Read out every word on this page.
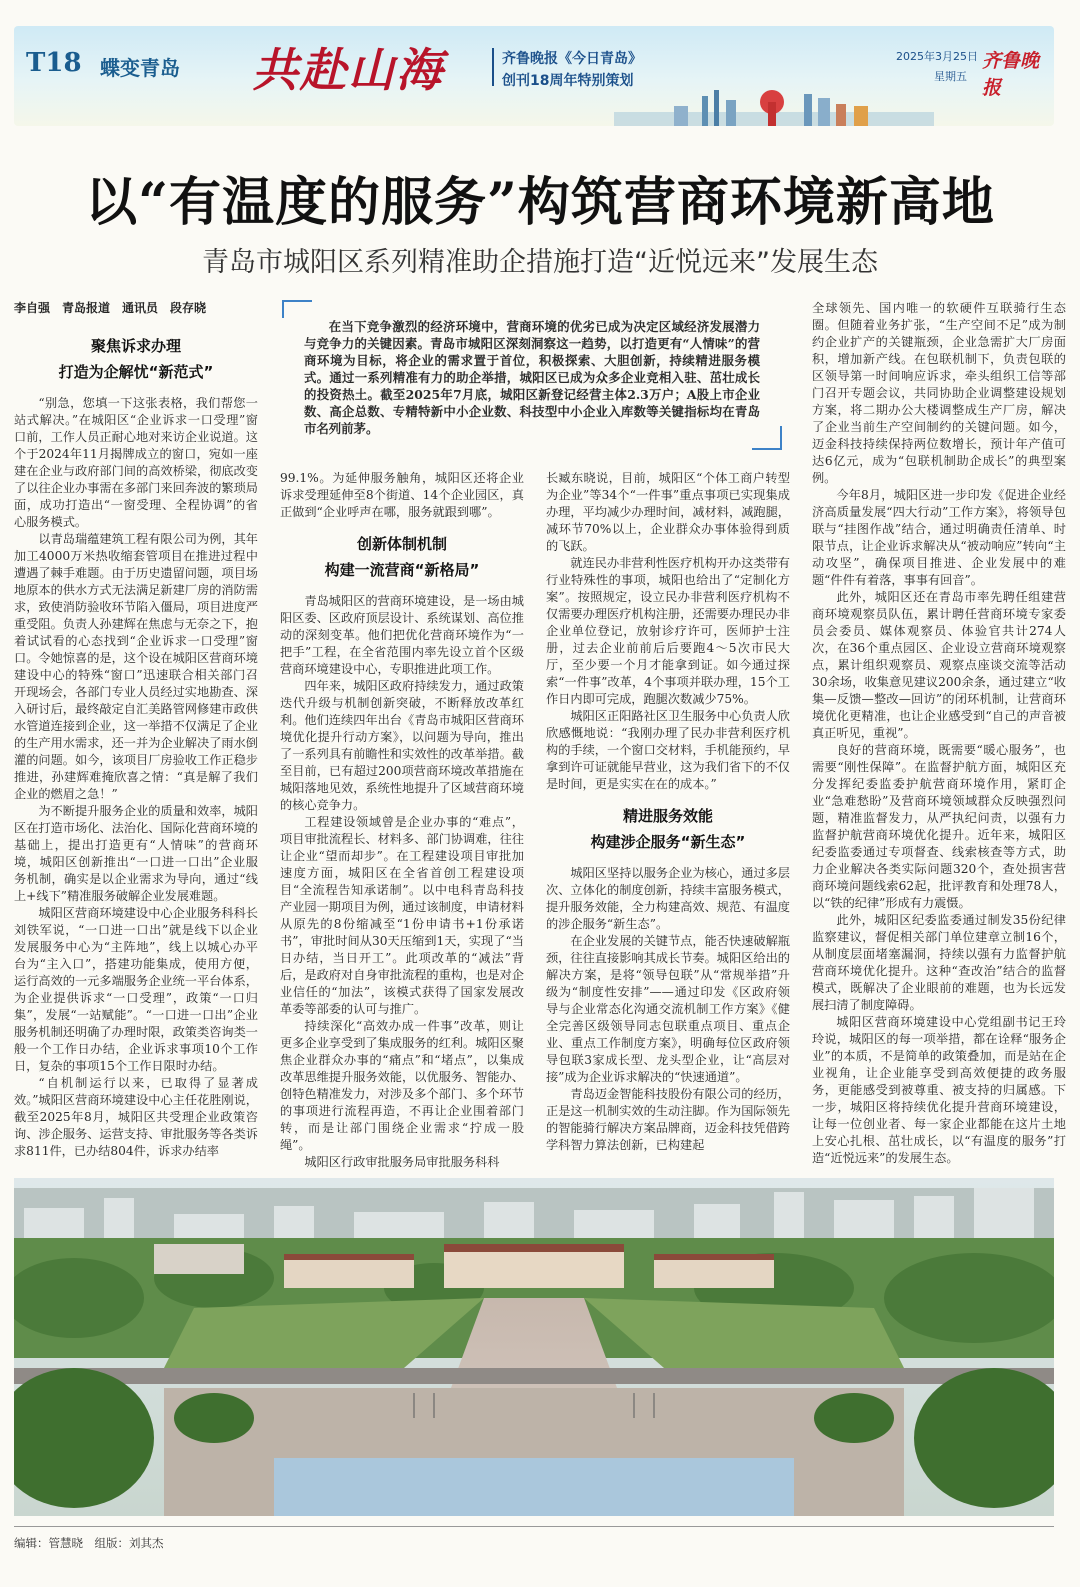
T18 蝶变青岛 共赴山海	齐鲁晚报《今日青岛》
创刊18周年特别策划
2025年3月25日
星期五
齐鲁晚报
以“有温度的服务”构筑营商环境新高地
青岛市城阳区系列精准助企措施打造“近悦远来”发展生态
李自强　青岛报道　通讯员　段存晓
聚焦诉求办理
打造为企解忧“新范式”

“别急，您填一下这张表格，我们帮您一站式解决。”在城阳区“企业诉求一口受理”窗口前，工作人员正耐心地对来访企业说道。这个于2024年11月揭牌成立的窗口，宛如一座建在企业与政府部门间的高效桥梁，彻底改变了以往企业办事需在多部门来回奔波的繁琐局面，成功打造出“一窗受理、全程协调”的省心服务模式。

以青岛瑞蕴建筑工程有限公司为例，其年加工4000万米热收缩套管项目在推进过程中遭遇了棘手难题。由于历史遗留问题，项目场地原本的供水方式无法满足新建厂房的消防需求，致使消防验收环节陷入僵局，项目进度严重受阻。负责人孙建辉在焦虑与无奈之下，抱着试试看的心态找到“企业诉求一口受理”窗口。令她惊喜的是，这个设在城阳区营商环境建设中心的特殊“窗口”迅速联合相关部门召开现场会，各部门专业人员经过实地勘查、深入研讨后，最终敲定自汇美路管网修建市政供水管道连接到企业，这一举措不仅满足了企业的生产用水需求，还一并为企业解决了雨水倒灌的问题。如今，该项目厂房验收工作正稳步推进，孙建辉难掩欣喜之情：“真是解了我们企业的燃眉之急！”

为不断提升服务企业的质量和效率，城阳区在打造市场化、法治化、国际化营商环境的基础上，提出打造更有“人情味”的营商环境，城阳区创新推出“一口进一口出”企业服务机制，确实是以企业需求为导向，通过“线上+线下”精准服务破解企业发展难题。

城阳区营商环境建设中心企业服务科科长刘铁军说，“一口进一口出”就是线下以企业发展服务中心为“主阵地”，线上以城心办平台为“主入口”，搭建功能集成，使用方便，运行高效的一元多端服务企业统一平台体系，为企业提供诉求“一口受理”，政策“一口归集”，发展“一站赋能”。“一口进一口出”企业服务机制还明确了办理时限，政策类咨询类一般一个工作日办结，企业诉求事项10个工作日，复杂的事项15个工作日限时办结。

“自机制运行以来，已取得了显著成效。”城阳区营商环境建设中心主任花胜刚说，截至2025年8月，城阳区共受理企业政策咨询、涉企服务、运营支持、审批服务等各类诉求811件，已办结804件，诉求办结率

在当下竞争激烈的经济环境中，营商环境的优劣已成为决定区域经济发展潜力与竞争力的关键因素。青岛市城阳区深刻洞察这一趋势，以打造更有“人情味”的营商环境为目标，将企业的需求置于首位，积极探索、大胆创新，持续精进服务模式。通过一系列精准有力的助企举措，城阳区已成为众多企业竞相入驻、茁壮成长的投资热土。截至2025年7月底，城阳区新登记经营主体2.3万户；A股上市企业数、高企总数、专精特新中小企业数、科技型中小企业入库数等关键指标均在青岛市名列前茅。

99.1%。为延伸服务触角，城阳区还将企业诉求受理延伸至8个街道、14个企业园区，真正做到“企业呼声在哪，服务就跟到哪”。

创新体制机制
构建一流营商“新格局”

青岛城阳区的营商环境建设，是一场由城阳区委、区政府顶层设计、系统谋划、高位推动的深刻变革。他们把优化营商环境作为“一把手”工程，在全省范围内率先设立首个区级营商环境建设中心，专职推进此项工作。

四年来，城阳区政府持续发力，通过政策迭代升级与机制创新突破，不断释放改革红利。他们连续四年出台《青岛市城阳区营商环境优化提升行动方案》，以问题为导向，推出了一系列具有前瞻性和实效性的改革举措。截至目前，已有超过200项营商环境改革措施在城阳落地见效，系统性地提升了区域营商环境的核心竞争力。

工程建设领域曾是企业办事的“难点”，项目审批流程长、材料多、部门协调难，往往让企业“望而却步”。在工程建设项目审批加速度方面，城阳区在全省首创工程建设项目“全流程告知承诺制”。以中电科青岛科技产业园一期项目为例，通过该制度，申请材料从原先的8份缩减至“1份申请书+1份承诺书”，审批时间从30天压缩到1天，实现了“当日办结，当日开工”。此项改革的“减法”背后，是政府对自身审批流程的重构，也是对企业信任的“加法”，该模式获得了国家发展改革委等部委的认可与推广。

持续深化“高效办成一件事”改革，则让更多企业享受到了集成服务的红利。城阳区聚焦企业群众办事的“痛点”和“堵点”，以集成改革思维提升服务效能，以优服务、智能办、创特色精准发力，对涉及多个部门、多个环节的事项进行流程再造，不再让企业围着部门转，而是让部门围绕企业需求“拧成一股绳”。

城阳区行政审批服务局审批服务科科

长臧东晓说，目前，城阳区“个体工商户转型为企业”等34个“一件事”重点事项已实现集成办理，平均减少办理时间，减材料，减跑腿，减环节70%以上，企业群众办事体验得到质的飞跃。

就连民办非营利性医疗机构开办这类带有行业特殊性的事项，城阳也给出了“定制化方案”。按照规定，设立民办非营利医疗机构不仅需要办理医疗机构注册，还需要办理民办非企业单位登记，放射诊疗许可，医师护士注册，过去企业前前后后要跑4～5次市民大厅，至少要一个月才能拿到证。如今通过探索“一件事”改革，4个事项并联办理，15个工作日内即可完成，跑腿次数减少75%。

城阳区正阳路社区卫生服务中心负责人欣欣感慨地说：“我刚办理了民办非营利医疗机构的手续，一个窗口交材料，手机能预约，早拿到许可证就能早营业，这为我们省下的不仅是时间，更是实实在在的成本。”

精进服务效能
构建涉企服务“新生态”

城阳区坚持以服务企业为核心，通过多层次、立体化的制度创新，持续丰富服务模式，提升服务效能，全力构建高效、规范、有温度的涉企服务“新生态”。

在企业发展的关键节点，能否快速破解瓶颈，往往直接影响其成长节奏。城阳区给出的解决方案，是将“领导包联”从“常规举措”升级为“制度性安排”——通过印发《区政府领导与企业常态化沟通交流机制工作方案》《健全完善区级领导同志包联重点项目、重点企业、重点工作制度方案》，明确每位区政府领导包联3家成长型、龙头型企业，让“高层对接”成为企业诉求解决的“快速通道”。

青岛迈金智能科技股份有限公司的经历，正是这一机制实效的生动注脚。作为国际领先的智能骑行解决方案品牌商，迈金科技凭借跨学科智力算法创新，已构建起

全球领先、国内唯一的软硬件互联骑行生态圈。但随着业务扩张，“生产空间不足”成为制约企业扩产的关键瓶颈，企业急需扩大厂房面积，增加新产线。在包联机制下，负责包联的区领导第一时间响应诉求，牵头组织工信等部门召开专题会议，共同协助企业调整建设规划方案，将二期办公大楼调整成生产厂房，解决了企业当前生产空间制约的关键问题。如今，迈金科技持续保持两位数增长，预计年产值可达6亿元，成为“包联机制助企成长”的典型案例。

今年8月，城阳区进一步印发《促进企业经济高质量发展“四大行动”工作方案》，将领导包联与“挂图作战”结合，通过明确责任清单、时限节点，让企业诉求解决从“被动响应”转向“主动攻坚”，确保项目推进、企业发展中的难题“件件有着落，事事有回音”。

此外，城阳区还在青岛市率先聘任组建营商环境观察员队伍，累计聘任营商环境专家委员会委员、媒体观察员、体验官共计274人次，在36个重点园区、企业设立营商环境观察点，累计组织观察员、观察点座谈交流等活动30余场，收集意见建议200余条，通过建立“收集—反馈—整改—回访”的闭环机制，让营商环境优化更精准，也让企业感受到“自己的声音被真正听见，重视”。

良好的营商环境，既需要“暖心服务”，也需要“刚性保障”。在监督护航方面，城阳区充分发挥纪委监委护航营商环境作用，紧盯企业“急难愁盼”及营商环境领域群众反映强烈问题，精准监督发力，从严执纪问责，以强有力监督护航营商环境优化提升。近年来，城阳区纪委监委通过专项督查、线索核查等方式，助力企业解决各类实际问题320个，查处损害营商环境问题线索62起，批评教育和处理78人，以“铁的纪律”形成有力震慑。

此外，城阳区纪委监委通过制发35份纪律监察建议，督促相关部门单位建章立制16个，从制度层面堵塞漏洞，持续以强有力监督护航营商环境优化提升。这种“查改治”结合的监督模式，既解决了企业眼前的难题，也为长远发展扫清了制度障碍。

城阳区营商环境建设中心党组副书记王玲玲说，城阳区的每一项举措，都在诠释“服务企业”的本质，不是简单的政策叠加，而是站在企业视角，让企业能享受到高效便捷的政务服务，更能感受到被尊重、被支持的归属感。下一步，城阳区将持续优化提升营商环境建设，让每一位创业者、每一家企业都能在这片土地上安心扎根、茁壮成长，以“有温度的服务”打造“近悦远来”的发展生态。

编辑：管慧晓　组版：刘其杰
